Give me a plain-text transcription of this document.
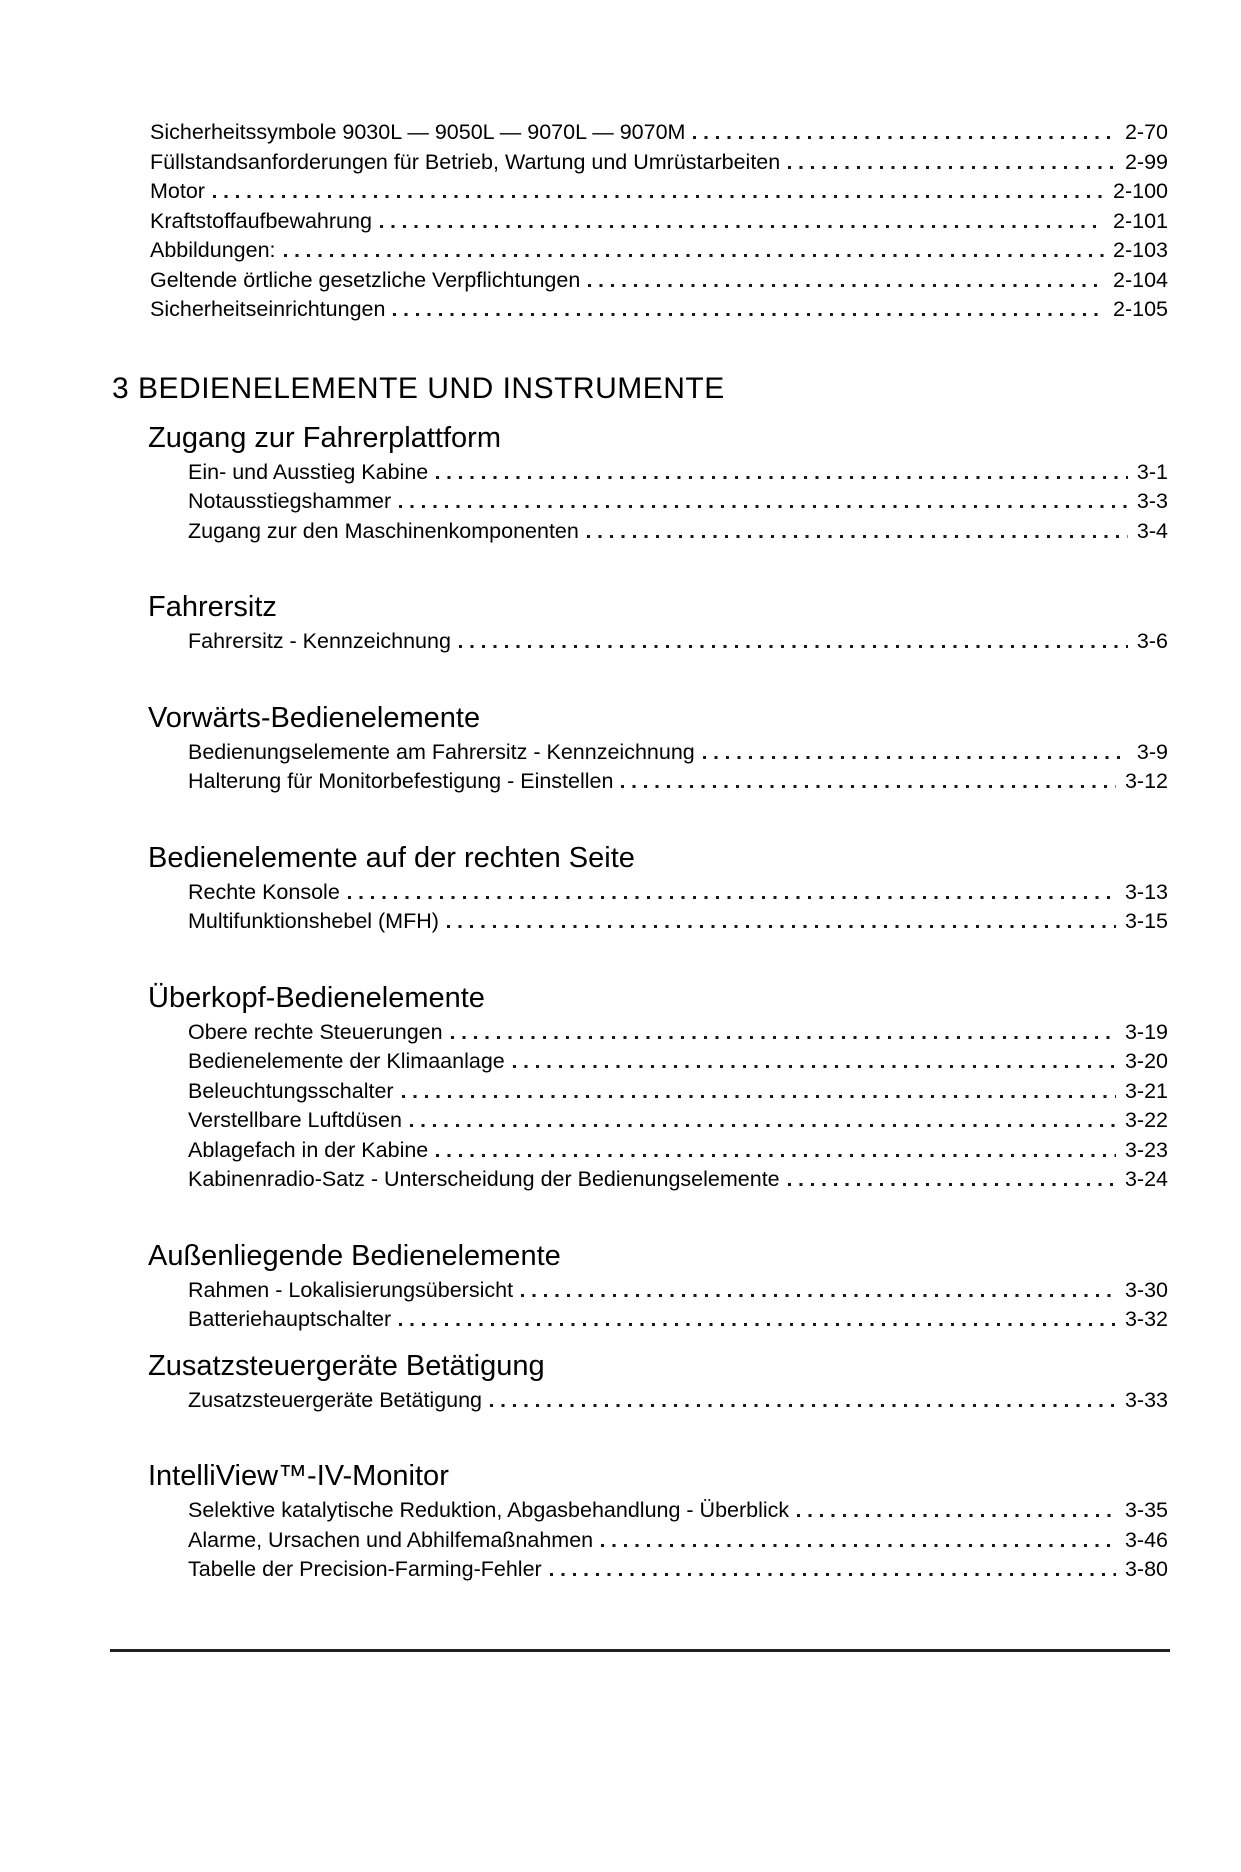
Sicherheitssymbole 9030L — 9050L — 9070L — 9070M	2-70
Füllstandsanforderungen für Betrieb, Wartung und Umrüstarbeiten	2-99
Motor	2-100
Kraftstoffaufbewahrung	2-101
Abbildungen:	2-103
Geltende örtliche gesetzliche Verpflichtungen	2-104
Sicherheitseinrichtungen	2-105
3 BEDIENELEMENTE UND INSTRUMENTE
Zugang zur Fahrerplattform
Ein- und Ausstieg Kabine	3-1
Notausstiegshammer	3-3
Zugang zur den Maschinenkomponenten	3-4
Fahrersitz
Fahrersitz - Kennzeichnung	3-6
Vorwärts-Bedienelemente
Bedienungselemente am Fahrersitz - Kennzeichnung	3-9
Halterung für Monitorbefestigung - Einstellen	3-12
Bedienelemente auf der rechten Seite
Rechte Konsole	3-13
Multifunktionshebel (MFH)	3-15
Überkopf-Bedienelemente
Obere rechte Steuerungen	3-19
Bedienelemente der Klimaanlage	3-20
Beleuchtungsschalter	3-21
Verstellbare Luftdüsen	3-22
Ablagefach in der Kabine	3-23
Kabinenradio-Satz - Unterscheidung der Bedienungselemente	3-24
Außenliegende Bedienelemente
Rahmen - Lokalisierungsübersicht	3-30
Batteriehauptschalter	3-32
Zusatzsteuergeräte Betätigung
Zusatzsteuergeräte Betätigung	3-33
IntelliView™-IV-Monitor
Selektive katalytische Reduktion, Abgasbehandlung - Überblick	3-35
Alarme, Ursachen und Abhilfemaßnahmen	3-46
Tabelle der Precision-Farming-Fehler	3-80
